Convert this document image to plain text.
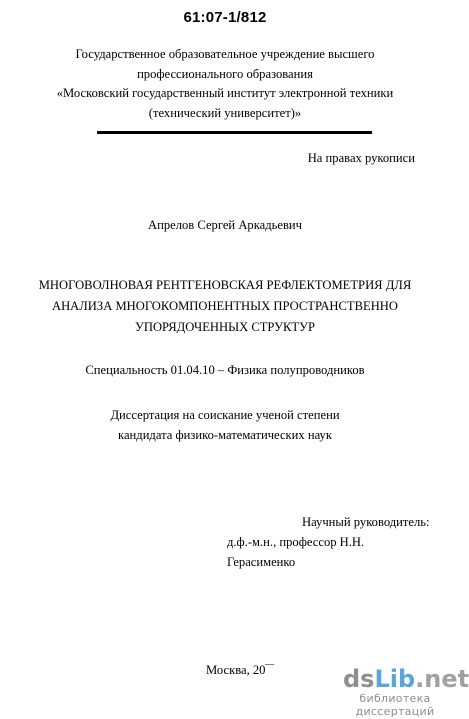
61:07-1/812
Государственное образовательное учреждение высшего
профессионального образования
«Московский государственный институт электронной техники
(технический университет)»
На правах рукописи
Апрелов Сергей Аркадьевич
МНОГОВОЛНОВАЯ РЕНТГЕНОВСКАЯ РЕФЛЕКТОМЕТРИЯ ДЛЯ
АНАЛИЗА МНОГОКОМПОНЕНТНЫХ ПРОСТРАНСТВЕННО
УПОРЯДОЧЕННЫХ СТРУКТУР
Специальность 01.04.10 – Физика полупроводников
Диссертация на соискание ученой степени
кандидата физико-математических наук
Научный руководитель:
д.ф.-м.н., профессор Н.Н. Герасименко
Москва, 20‾‾	dsLib.net
библиотека диссертаций
